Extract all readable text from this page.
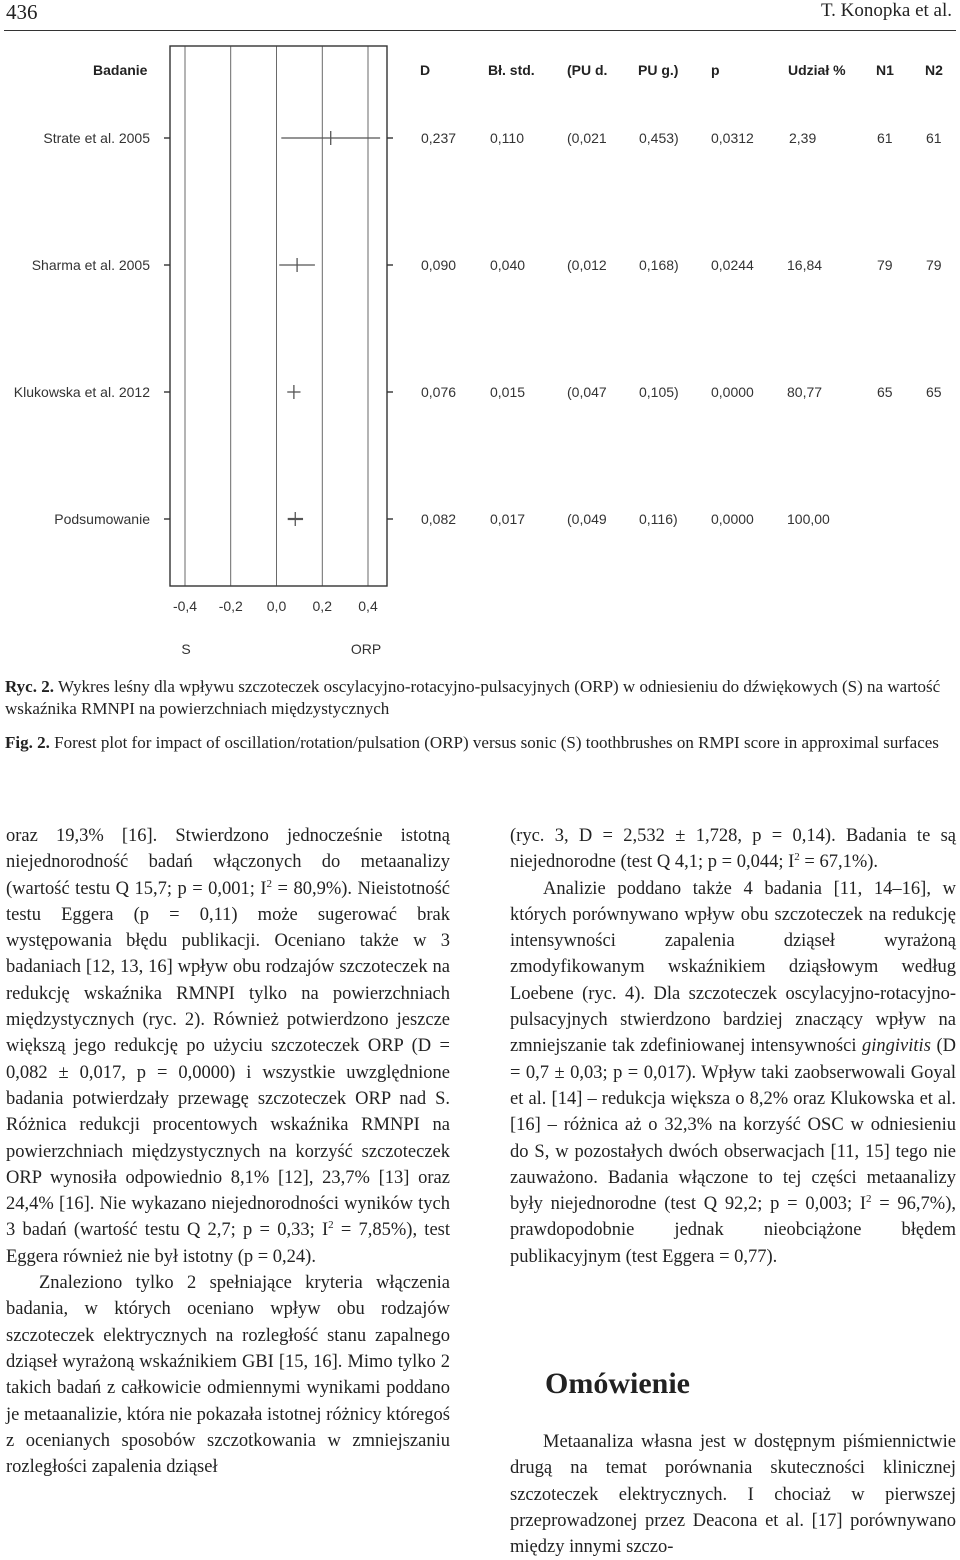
436	T. Konopka et al.
Badanie	D	Bł. std. (PU d. PU g.) p	Udział % N1 N2
Strate et al. 2005	0,237 0,110	(0,021 0,453) 0,0312	2,39	61 61
Sharma et al. 2005	0,090 0,040	(0,012 0,168) 0,0244 16,84	79 79
Klukowska et al. 2012	0,076 0,015	(0,047 0,105) 0,0000 80,77	65 65
Podsumowanie	0,082 0,017	(0,049 0,116) 0,0000 100,00
-0,4 -0,2 0,0 0,2 0,4
S	ORP
Ryc. 2. Wykres leśny dla wpływu szczoteczek oscylacyjno-rotacyjno-pulsacyjnych (ORP) w odniesieniu do dźwiękowych (S) na wartość wskaźnika RMNPI na powierzchniach międzystycznych
Fig. 2. Forest plot for impact of oscillation/rotation/pulsation (ORP) versus sonic (S) toothbrushes on RMPI score in approximal surfaces

oraz 19,3% [16]. Stwierdzono jednocześnie istotną niejednorodność badań włączonych do metaanalizy (wartość testu Q 15,7; p = 0,001; $I^2 = 80,9\%$). Nieistotność testu Eggera (p = 0,11) może sugerować brak występowania błędu publikacji. Oceniano także w 3 badaniach [12, 13, 16] wpływ obu rodzajów szczoteczek na redukcję wskaźnika RMNPI tylko na powierzchniach międzystycznych (ryc. 2). Również potwierdzono jeszcze większą jego redukcję po użyciu szczoteczek ORP (D = 0,082 ± 0,017, p = 0,0000) i wszystkie uwzględnione badania potwierdzały przewagę szczoteczek ORP nad S. Różnica redukcji procentowych wskaźnika RMNPI na powierzchniach międzystycznych na korzyść szczoteczek ORP wynosiła odpowiednio 8,1% [12], 23,7% [13] oraz 24,4% [16]. Nie wykazano niejednorodności wyników tych 3 badań (wartość testu Q 2,7; p = 0,33; $I^2 = 7,85\%$), test Eggera również nie był istotny (p = 0,24).

Znaleziono tylko 2 spełniające kryteria włączenia badania, w których oceniano wpływ obu rodzajów szczoteczek elektrycznych na rozległość stanu zapalnego dziąseł wyrażoną wskaźnikiem GBI [15, 16]. Mimo tylko 2 takich badań z całkowicie odmiennymi wynikami poddano je metaanalizie, która nie pokazała istotnej różnicy któregoś z ocenianych sposobów szczotkowania w zmniejszaniu rozległości zapalenia dziąseł

(ryc. 3, D = 2,532 ± 1,728, p = 0,14). Badania te są niejednorodne (test Q 4,1; p = 0,044; $I^2 = 67,1\%$).

Analizie poddano także 4 badania [11, 14–16], w których porównywano wpływ obu szczoteczek na redukcję intensywności zapalenia dziąseł wyrażoną zmodyfikowanym wskaźnikiem dziąsłowym według Loebene (ryc. 4). Dla szczoteczek oscylacyjno-rotacyjno-pulsacyjnych stwierdzono bardziej znaczący wpływ na zmniejszanie tak zdefiniowanej intensywności gingivitis (D = 0,7 ± 0,03; p = 0,017). Wpływ taki zaobserwowali Goyal et al. [14] – redukcja większa o 8,2% oraz Klukowska et al. [16] – różnica aż o 32,3% na korzyść OSC w odniesieniu do S, w pozostałych dwóch obserwacjach [11, 15] tego nie zauważono. Badania włączone to tej części metaanalizy były niejednorodne (test Q 92,2; p = 0,003; $I^2 = 96,7\%$), prawdopodobnie jednak nieobciążone błędem publikacyjnym (test Eggera = 0,77).

Omówienie

Metaanaliza własna jest w dostępnym piśmiennictwie drugą na temat porównania skuteczności klinicznej szczoteczek elektrycznych. I chociaż w pierwszej przeprowadzonej przez Deacona et al. [17] porównywano między innymi szczo-
